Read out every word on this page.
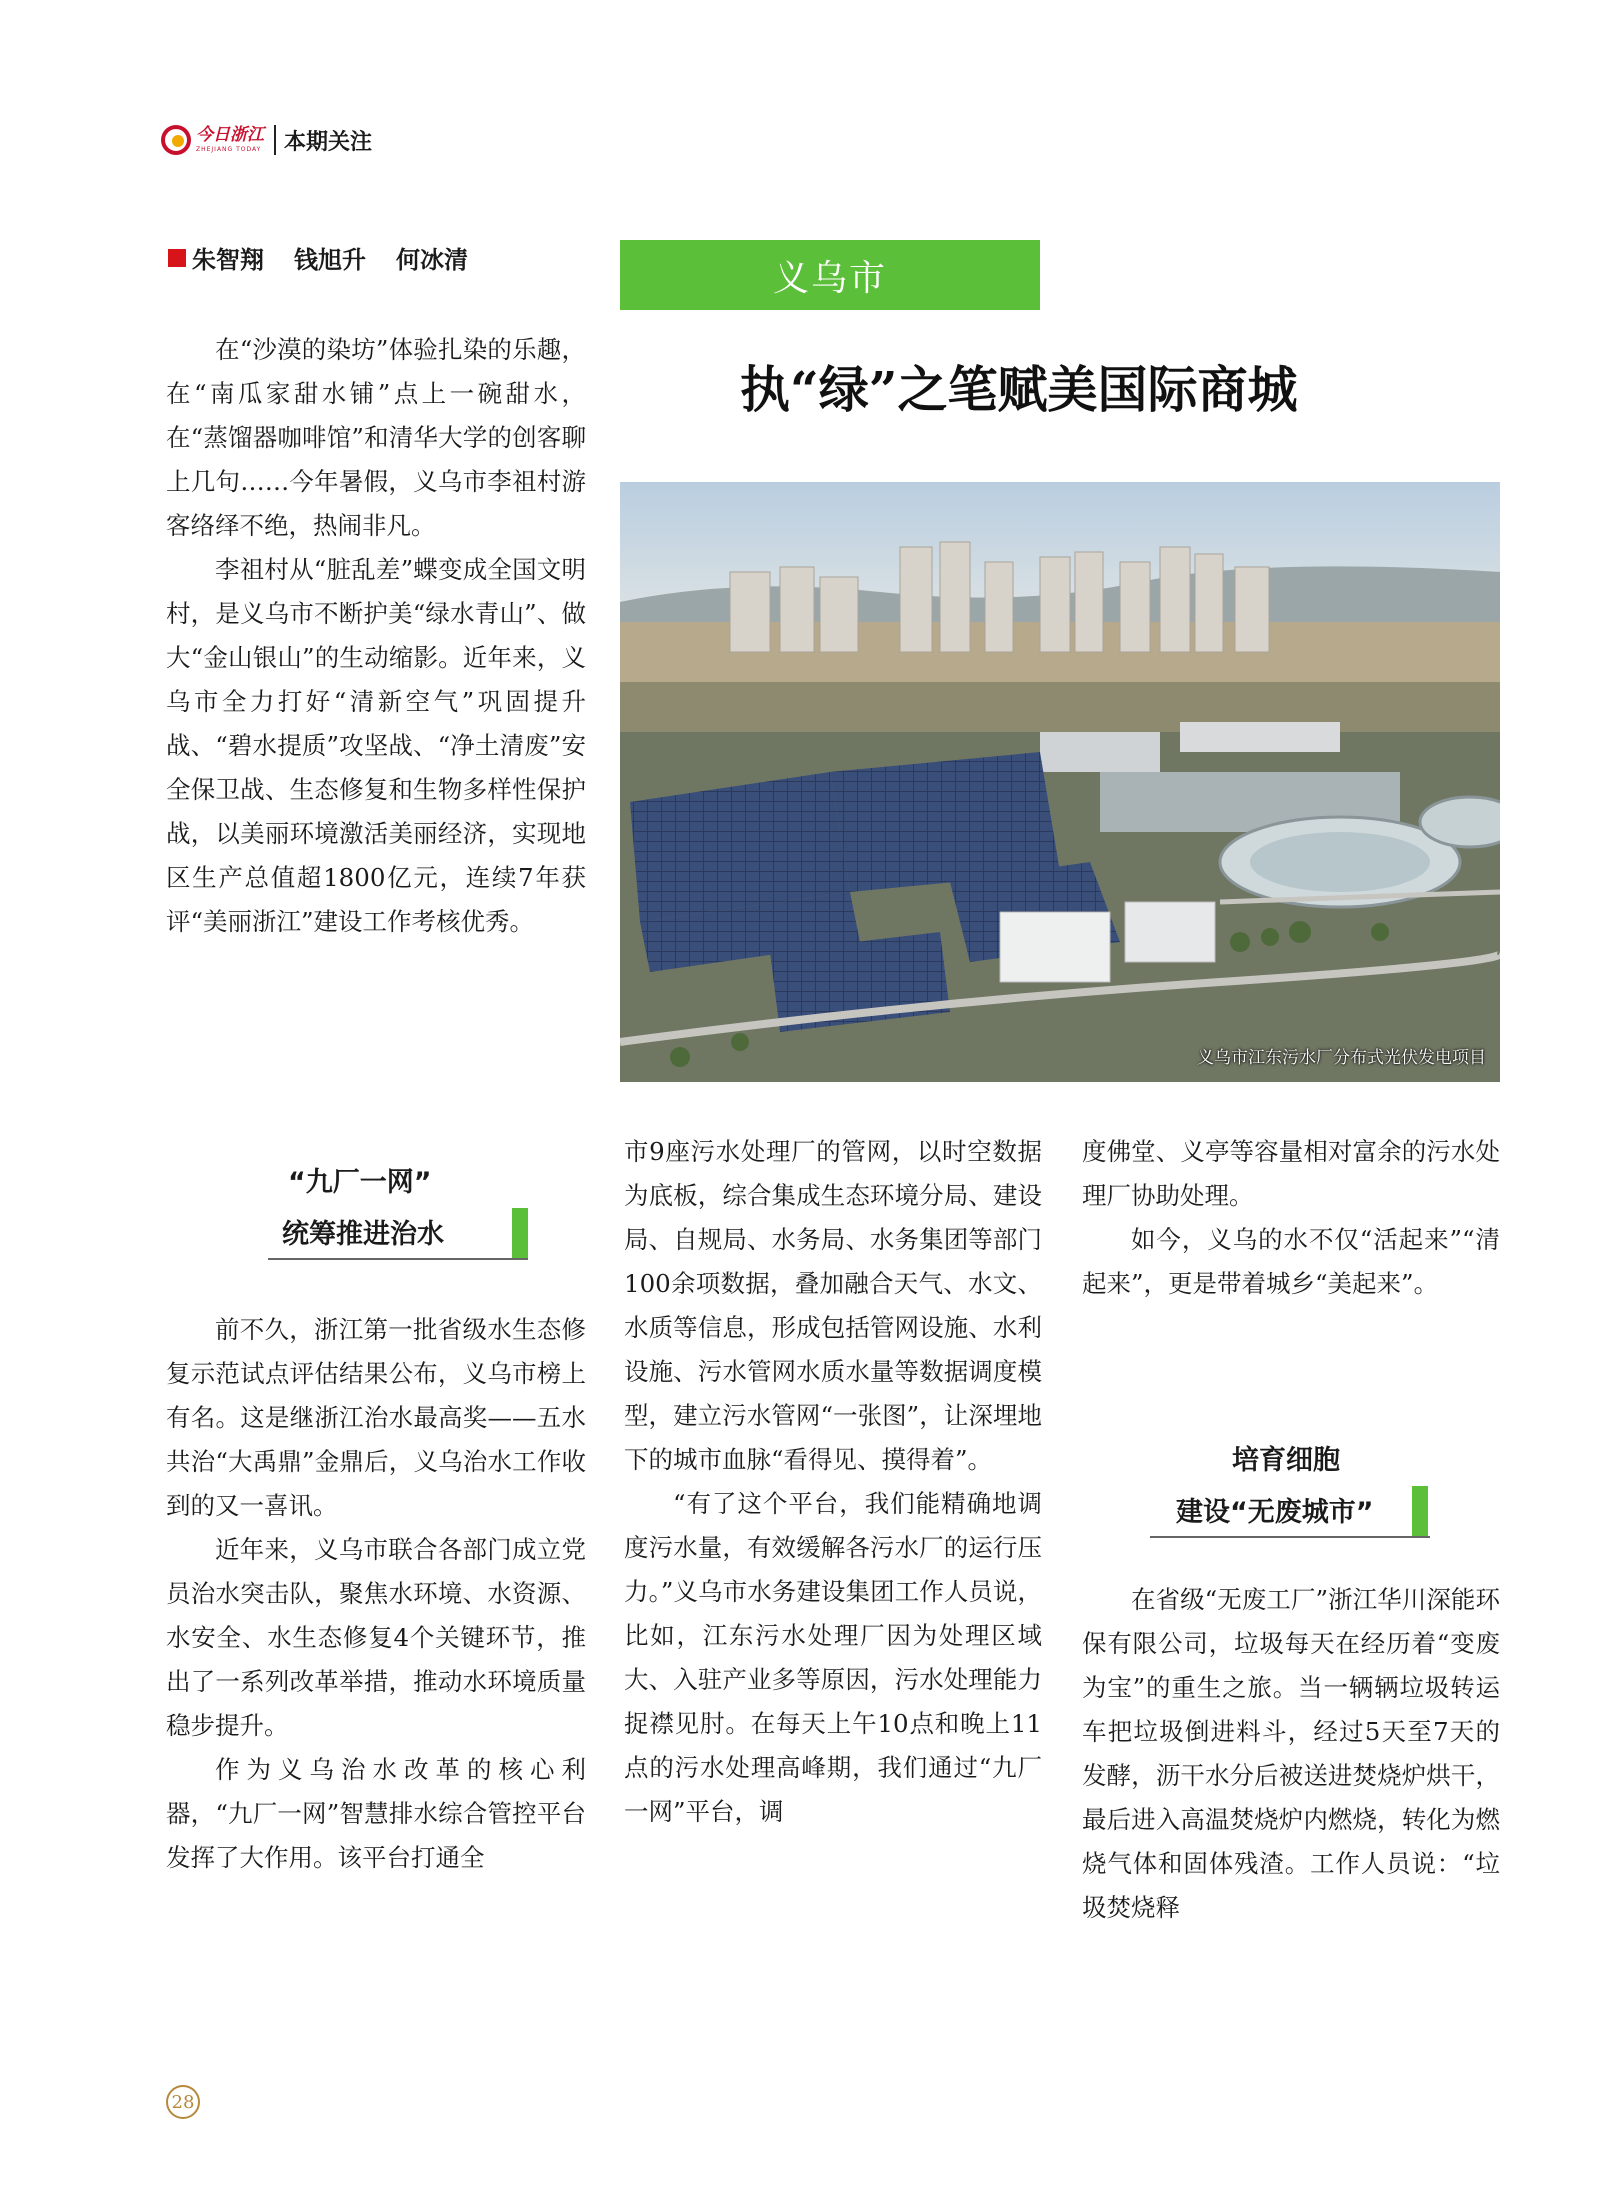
今日浙江
ZHEJIANG TODAY 本期关注
朱智翔 钱旭升 何冰清	义乌市
执“绿”之笔赋美国际商城
义乌市江东污水厂分布式光伏发电项目

在“沙漠的染坊”体验扎染的乐趣，在“南瓜家甜水铺”点上一碗甜水，在“蒸馏器咖啡馆”和清华大学的创客聊上几句……今年暑假，义乌市李祖村游客络绎不绝，热闹非凡。

李祖村从“脏乱差”蝶变成全国文明村，是义乌市不断护美“绿水青山”、做大“金山银山”的生动缩影。近年来，义乌市全力打好“清新空气”巩固提升战、“碧水提质”攻坚战、“净土清废”安全保卫战、生态修复和生物多样性保护战，以美丽环境激活美丽经济，实现地区生产总值超1800亿元，连续7年获评“美丽浙江”建设工作考核优秀。

“九厂一网”
统筹推进治水

前不久，浙江第一批省级水生态修复示范试点评估结果公布，义乌市榜上有名。这是继浙江治水最高奖——五水共治“大禹鼎”金鼎后，义乌治水工作收到的又一喜讯。

近年来，义乌市联合各部门成立党员治水突击队，聚焦水环境、水资源、水安全、水生态修复4个关键环节，推出了一系列改革举措，推动水环境质量稳步提升。

作为义乌治水改革的核心利器，“九厂一网”智慧排水综合管控平台发挥了大作用。该平台打通全

市9座污水处理厂的管网，以时空数据为底板，综合集成生态环境分局、建设局、自规局、水务局、水务集团等部门100余项数据，叠加融合天气、水文、水质等信息，形成包括管网设施、水利设施、污水管网水质水量等数据调度模型，建立污水管网“一张图”，让深埋地下的城市血脉“看得见、摸得着”。

“有了这个平台，我们能精确地调度污水量，有效缓解各污水厂的运行压力。”义乌市水务建设集团工作人员说，比如，江东污水处理厂因为处理区域大、入驻产业多等原因，污水处理能力捉襟见肘。在每天上午10点和晚上11点的污水处理高峰期，我们通过“九厂一网”平台，调

度佛堂、义亭等容量相对富余的污水处理厂协助处理。

如今，义乌的水不仅“活起来”“清起来”，更是带着城乡“美起来”。

培育细胞
建设“无废城市”

在省级“无废工厂”浙江华川深能环保有限公司，垃圾每天在经历着“变废为宝”的重生之旅。当一辆辆垃圾转运车把垃圾倒进料斗，经过5天至7天的发酵，沥干水分后被送进焚烧炉烘干，最后进入高温焚烧炉内燃烧，转化为燃烧气体和固体残渣。工作人员说：“垃圾焚烧释

28
